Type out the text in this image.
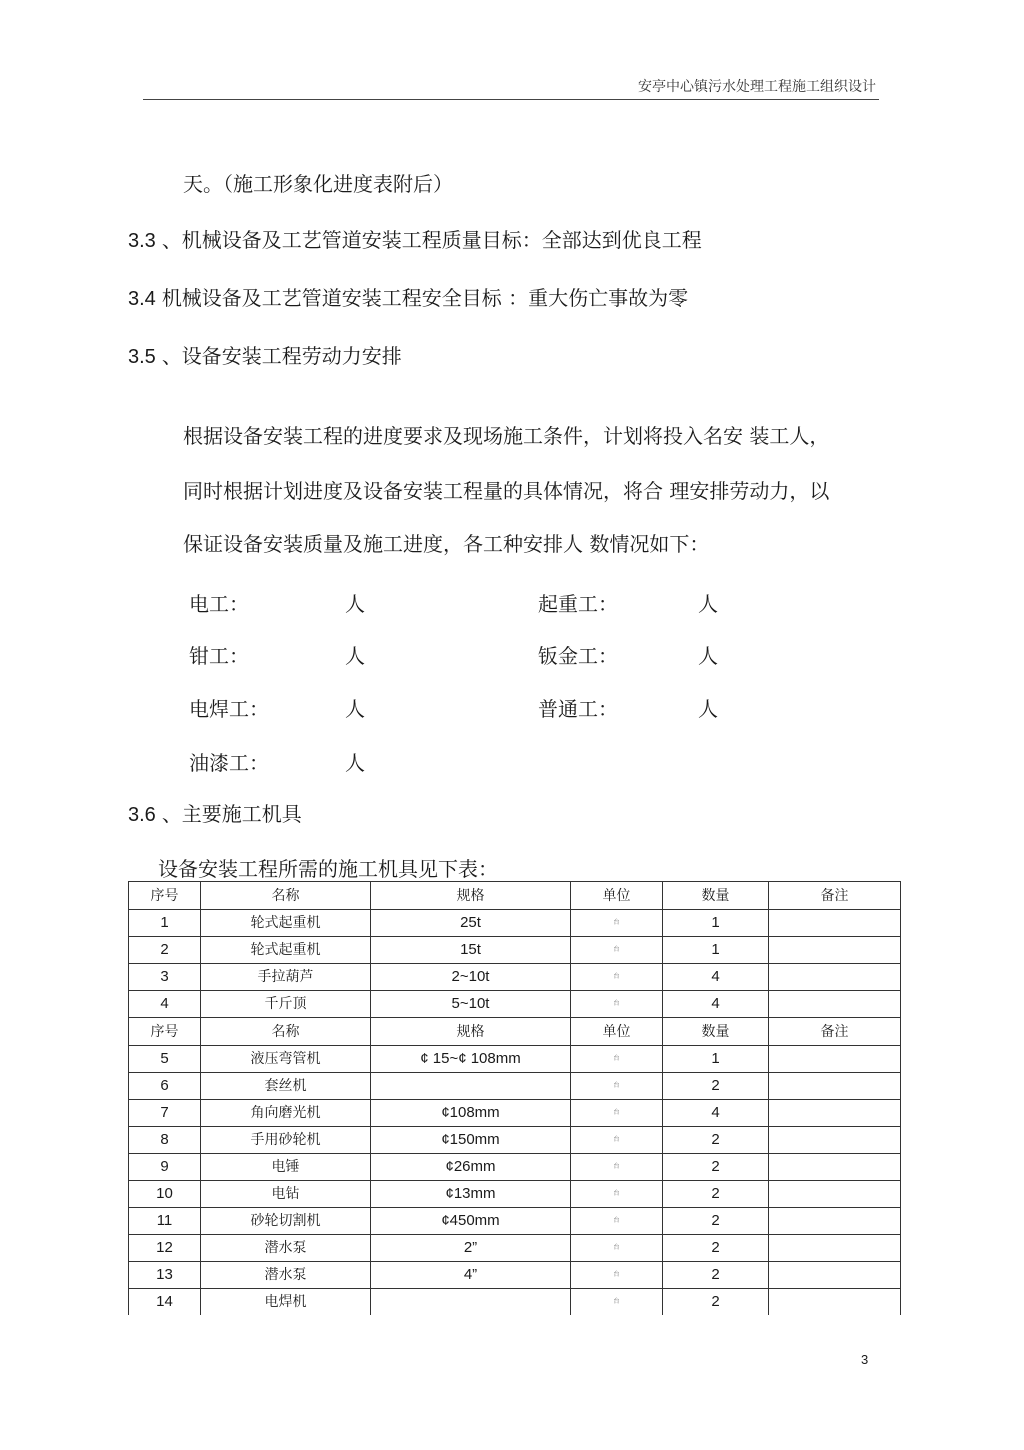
安亭中心镇污水处理工程施工组织设计
天。（施工形象化进度表附后）
3.3 、机械设备及工艺管道安装工程质量目标：全部达到优良工程
3.4 机械设备及工艺管道安装工程安全目标 ：重大伤亡事故为零
3.5 、设备安装工程劳动力安排
根据设备安装工程的进度要求及现场施工条件，计划将投入名安 装工人，
同时根据计划进度及设备安装工程量的具体情况，将合 理安排劳动力，以
保证设备安装质量及施工进度，各工种安排人 数情况如下：
电工：	人	起重工：	人
钳工：	人	钣金工：	人
电焊工：	人	普通工：	人
油漆工：	人
3.6 、主要施工机具
设备安装工程所需的施工机具见下表：
序号	名称	规格	单位	数量	备注
1	轮式起重机	25t	台	1	
2	轮式起重机	15t	台	1	
3	手拉葫芦	2~10t	台	4	
4	千斤顶	5~10t	台	4	
序号	名称	规格	单位	数量	备注
5	液压弯管机	¢ 15~¢ 108mm	台	1	
6	套丝机		台	2	
7	角向磨光机	¢108mm	台	4	
8	手用砂轮机	¢150mm	台	2	
9	电锤	¢26mm	台	2	
10	电钻	¢13mm	台	2	
11	砂轮切割机	¢450mm	台	2	
12	潜水泵	2”	台	2	
13	潜水泵	4”	台	2	
14	电焊机		台	2	
3
